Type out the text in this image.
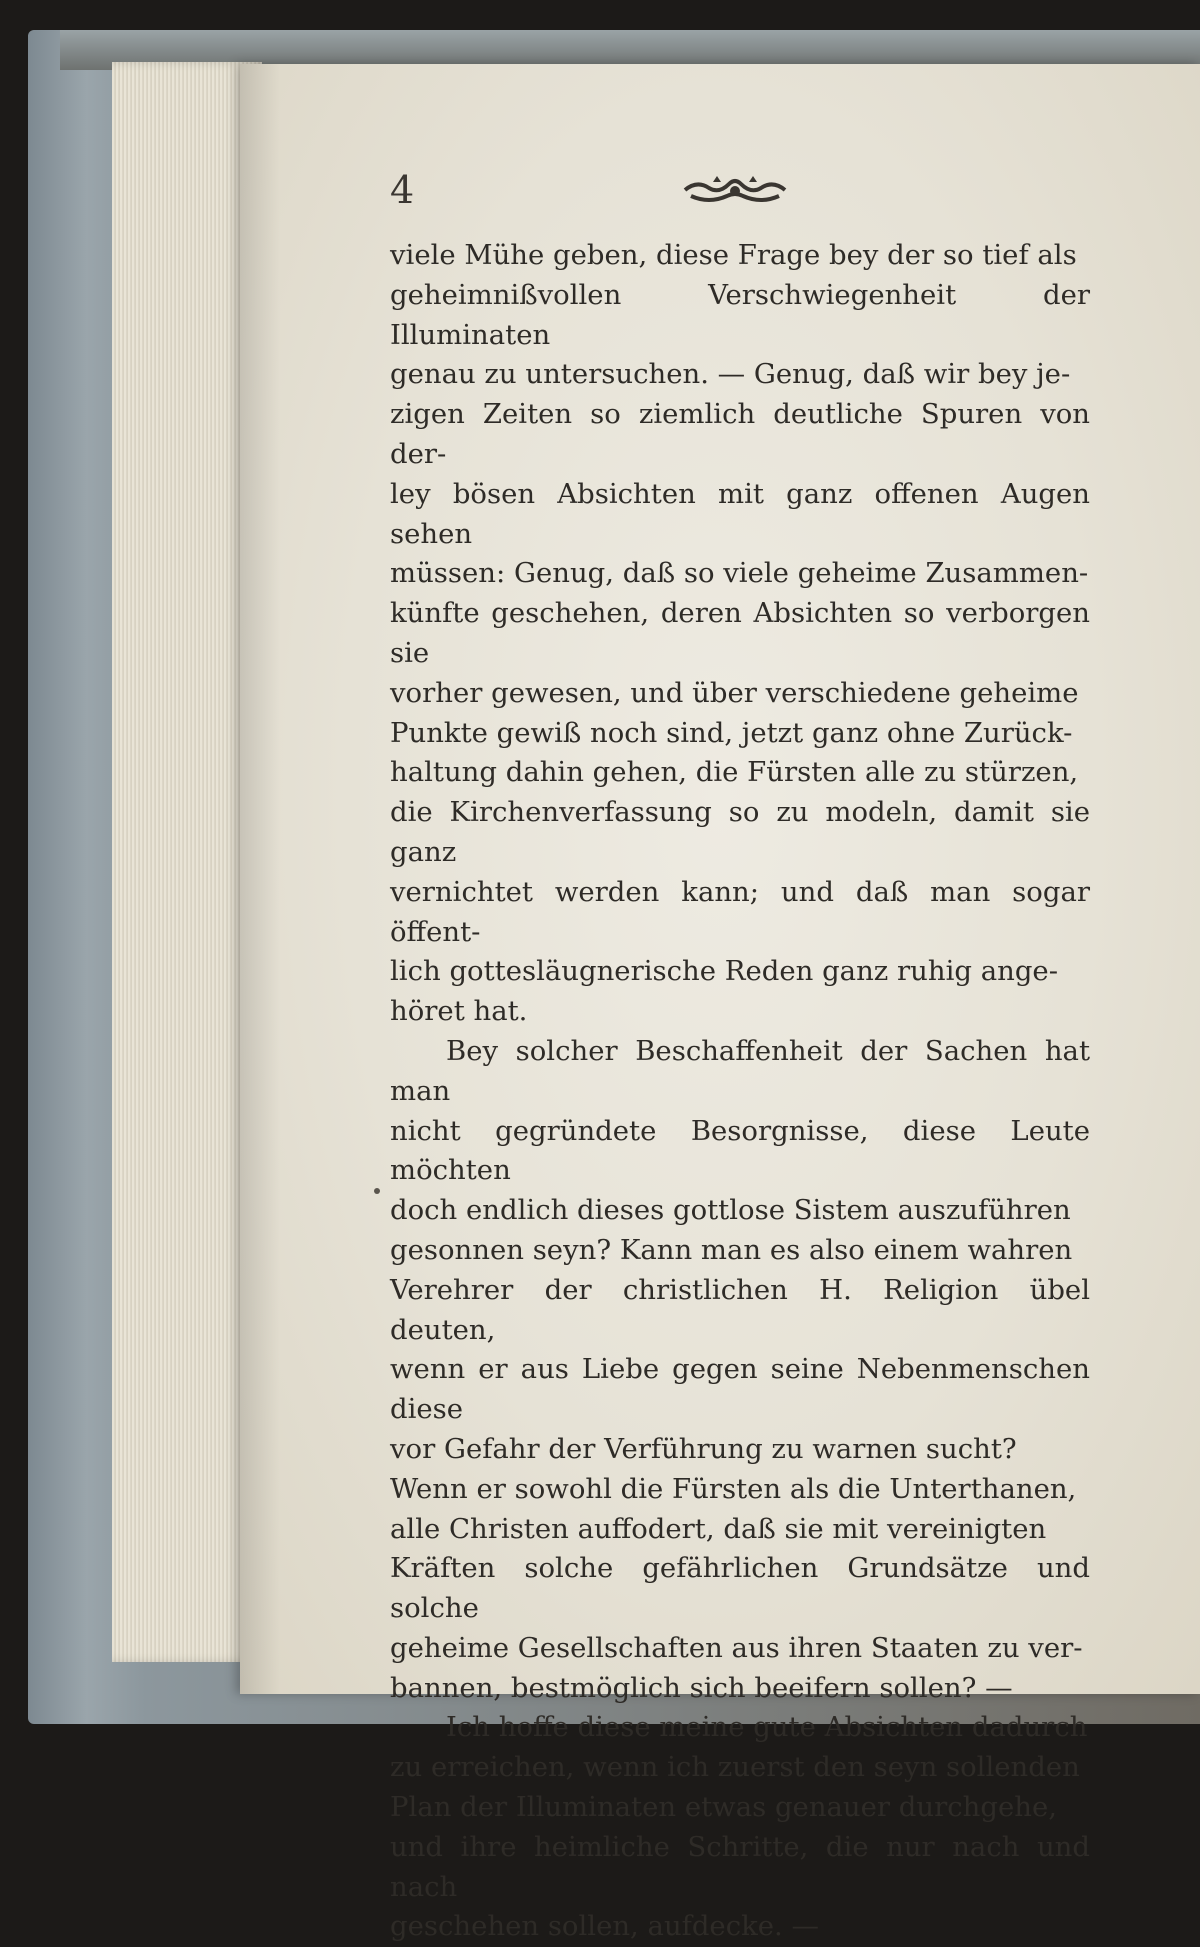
4

viele Mühe geben, diese Frage bey der so tief als
geheimnißvollen Verschwiegenheit der Illuminaten
genau zu untersuchen. — Genug, daß wir bey je-
zigen Zeiten so ziemlich deutliche Spuren von der-
ley bösen Absichten mit ganz offenen Augen sehen
müssen: Genug, daß so viele geheime Zusammen-
künfte geschehen, deren Absichten so verborgen sie
vorher gewesen, und über verschiedene geheime
Punkte gewiß noch sind, jetzt ganz ohne Zurück-
haltung dahin gehen, die Fürsten alle zu stürzen,
die Kirchenverfassung so zu modeln, damit sie ganz
vernichtet werden kann; und daß man sogar öffent-
lich gottesläugnerische Reden ganz ruhig ange-
höret hat.

Bey solcher Beschaffenheit der Sachen hat man
nicht gegründete Besorgnisse, diese Leute möchten
doch endlich dieses gottlose Sistem auszuführen
gesonnen seyn? Kann man es also einem wahren
Verehrer der christlichen H. Religion übel deuten,
wenn er aus Liebe gegen seine Nebenmenschen diese
vor Gefahr der Verführung zu warnen sucht?
Wenn er sowohl die Fürsten als die Unterthanen,
alle Christen auffodert, daß sie mit vereinigten
Kräften solche gefährlichen Grundsätze und solche
geheime Gesellschaften aus ihren Staaten zu ver-
bannen, bestmöglich sich beeifern sollen? —

Ich hoffe diese meine gute Absichten dadurch
zu erreichen, wenn ich zuerst den seyn sollenden
Plan der Illuminaten etwas genauer durchgehe,
und ihre heimliche Schritte, die nur nach und nach
geschehen sollen, aufdecke. —
